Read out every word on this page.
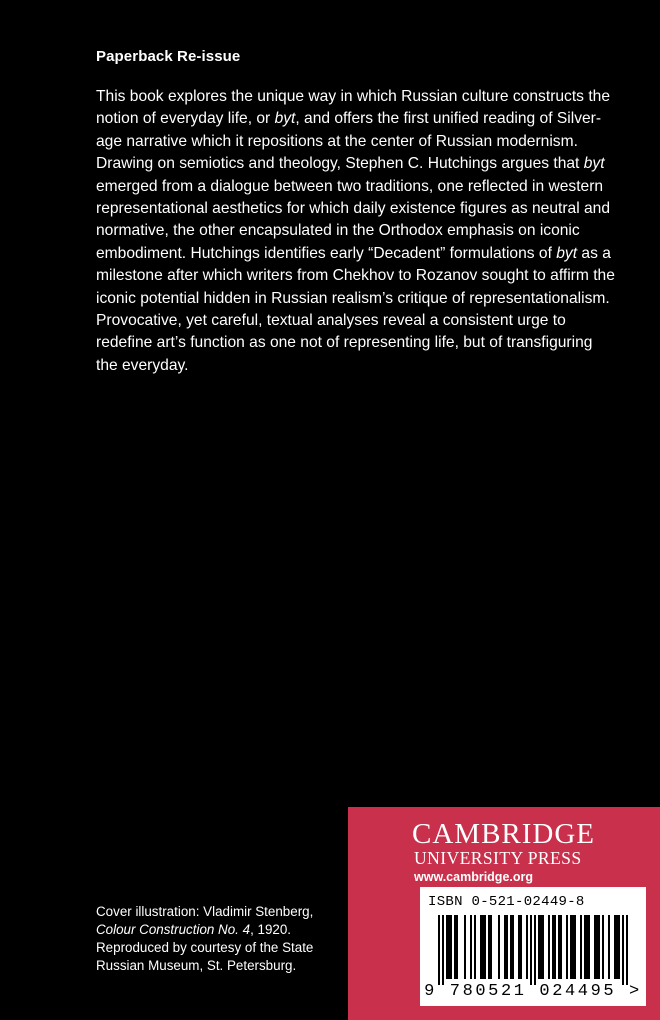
Paperback Re-issue

This book explores the unique way in which Russian culture constructs the notion of everyday life, or byt, and offers the first unified reading of Silver-age narrative which it repositions at the center of Russian modernism. Drawing on semiotics and theology, Stephen C. Hutchings argues that byt emerged from a dialogue between two traditions, one reflected in western representational aesthetics for which daily existence figures as neutral and normative, the other encapsulated in the Orthodox emphasis on iconic embodiment. Hutchings identifies early “Decadent” formulations of byt as a milestone after which writers from Chekhov to Rozanov sought to affirm the iconic potential hidden in Russian realism’s critique of representationalism. Provocative, yet careful, textual analyses reveal a consistent urge to redefine art’s function as one not of representing life, but of transfiguring the everyday.

Cover illustration: Vladimir Stenberg, Colour Construction No. 4, 1920. Reproduced by courtesy of the State Russian Museum, St. Petersburg.
CAMBRIDGE
UNIVERSITY PRESS
www.cambridge.org
ISBN 0-521-02449-8
9 780521 024495 >
